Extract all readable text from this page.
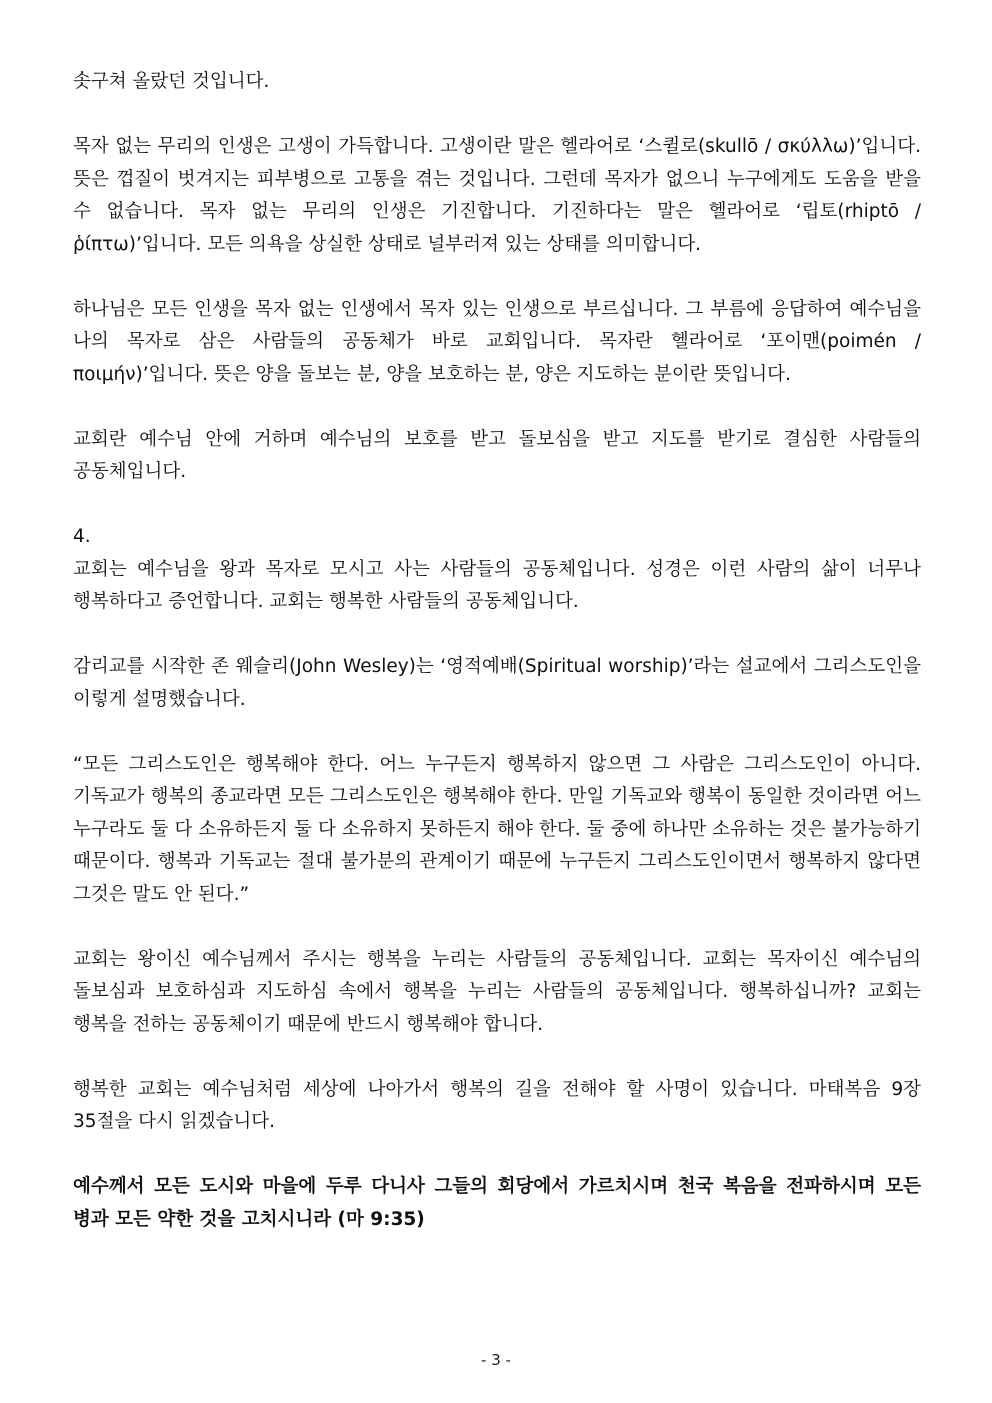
솟구쳐 올랐던 것입니다.

목자 없는 무리의 인생은 고생이 가득합니다. 고생이란 말은 헬라어로 ‘스퀼로(skullō / σκύλλω)’입니다. 뜻은 껍질이 벗겨지는 피부병으로 고통을 겪는 것입니다. 그런데 목자가 없으니 누구에게도 도움을 받을 수 없습니다. 목자 없는 무리의 인생은 기진합니다. 기진하다는 말은 헬라어로 ‘립토(rhiptō / ῥίπτω)’입니다. 모든 의욕을 상실한 상태로 널부러져 있는 상태를 의미합니다.

하나님은 모든 인생을 목자 없는 인생에서 목자 있는 인생으로 부르십니다. 그 부름에 응답하여 예수님을 나의 목자로 삼은 사람들의 공동체가 바로 교회입니다. 목자란 헬라어로 ‘포이맨(poimén / ποιμήν)’입니다. 뜻은 양을 돌보는 분, 양을 보호하는 분, 양은 지도하는 분이란 뜻입니다.

교회란 예수님 안에 거하며 예수님의 보호를 받고 돌보심을 받고 지도를 받기로 결심한 사람들의 공동체입니다.

4.

교회는 예수님을 왕과 목자로 모시고 사는 사람들의 공동체입니다. 성경은 이런 사람의 삶이 너무나 행복하다고 증언합니다. 교회는 행복한 사람들의 공동체입니다.

감리교를 시작한 존 웨슬리(John Wesley)는 ‘영적예배(Spiritual worship)’라는 설교에서 그리스도인을 이렇게 설명했습니다.

“모든 그리스도인은 행복해야 한다. 어느 누구든지 행복하지 않으면 그 사람은 그리스도인이 아니다. 기독교가 행복의 종교라면 모든 그리스도인은 행복해야 한다. 만일 기독교와 행복이 동일한 것이라면 어느 누구라도 둘 다 소유하든지 둘 다 소유하지 못하든지 해야 한다. 둘 중에 하나만 소유하는 것은 불가능하기 때문이다. 행복과 기독교는 절대 불가분의 관계이기 때문에 누구든지 그리스도인이면서 행복하지 않다면 그것은 말도 안 된다.”

교회는 왕이신 예수님께서 주시는 행복을 누리는 사람들의 공동체입니다. 교회는 목자이신 예수님의 돌보심과 보호하심과 지도하심 속에서 행복을 누리는 사람들의 공동체입니다. 행복하십니까? 교회는 행복을 전하는 공동체이기 때문에 반드시 행복해야 합니다.

행복한 교회는 예수님처럼 세상에 나아가서 행복의 길을 전해야 할 사명이 있습니다. 마태복음 9장 35절을 다시 읽겠습니다.

예수께서 모든 도시와 마을에 두루 다니사 그들의 회당에서 가르치시며 천국 복음을 전파하시며 모든 병과 모든 약한 것을 고치시니라 (마 9:35)

- 3 -
